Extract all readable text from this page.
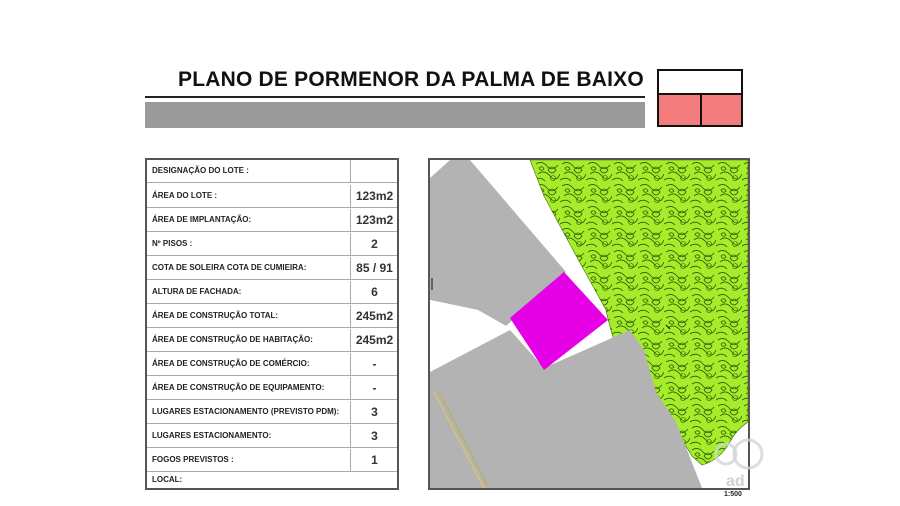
PLANO DE PORMENOR DA PALMA DE BAIXO
DESIGNAÇÃO DO LOTE :
ÁREA DO LOTE :	123m2
ÁREA DE IMPLANTAÇÃO:	123m2
Nº PISOS :	2
COTA DE SOLEIRA COTA DE CUMIEIRA:	85 / 91
ALTURA DE FACHADA:	6
ÁREA DE CONSTRUÇÃO TOTAL:	245m2
ÁREA DE CONSTRUÇÃO DE HABITAÇÃO:	245m2
ÁREA DE CONSTRUÇÃO DE COMÉRCIO:	-
ÁREA DE CONSTRUÇÃO DE EQUIPAMENTO:	-
LUGARES ESTACIONAMENTO (PREVISTO PDM):	3
LUGARES ESTACIONAMENTO:	3
FOGOS PREVISTOS :	1
LOCAL:
1:500
ad
